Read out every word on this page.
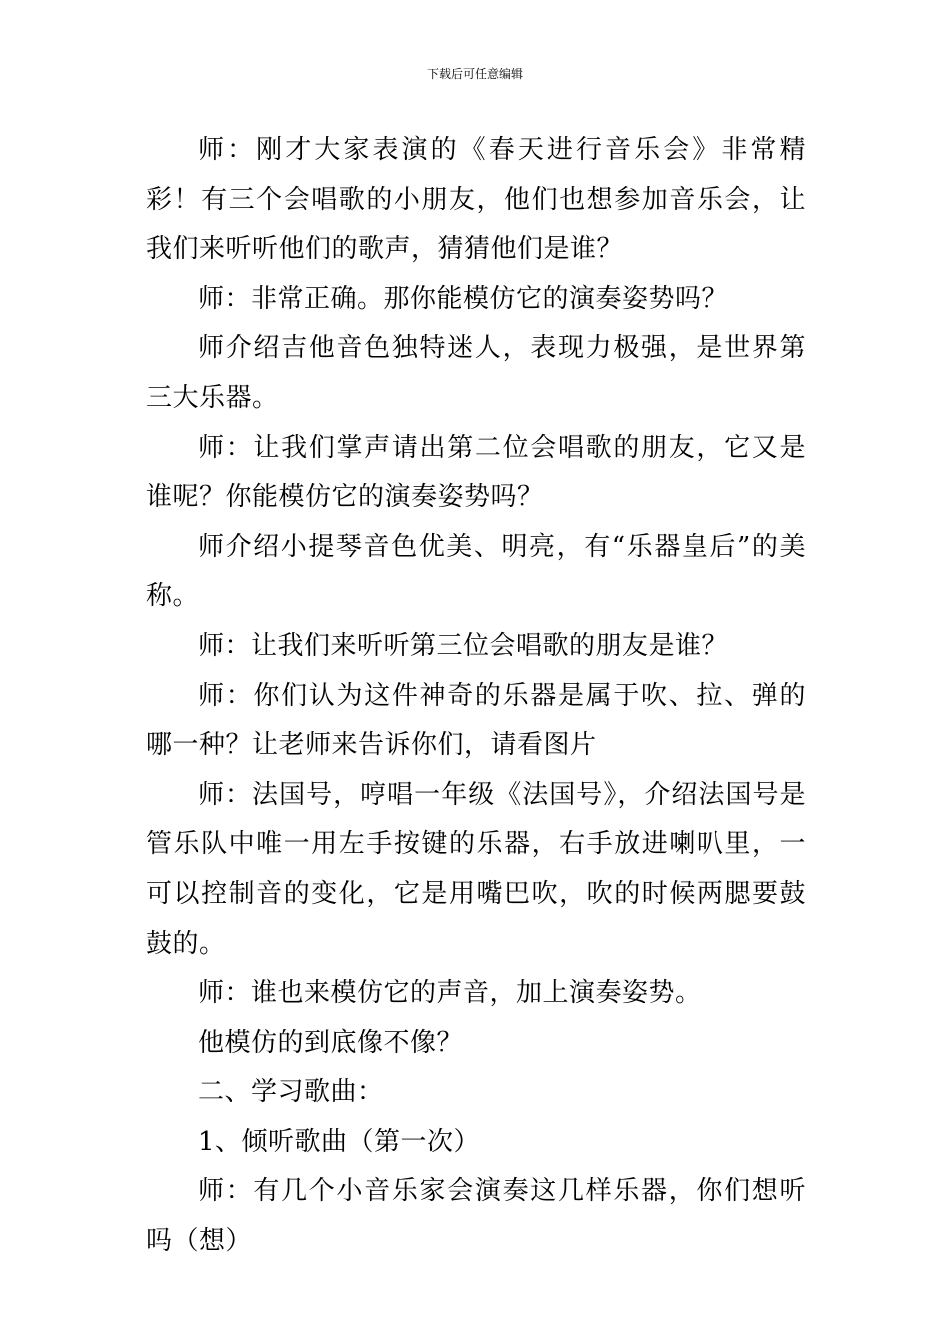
下载后可任意编辑

师：刚才大家表演的《春天进行音乐会》非常精彩！有三个会唱歌的小朋友，他们也想参加音乐会，让我们来听听他们的歌声，猜猜他们是谁？

师：非常正确。那你能模仿它的演奏姿势吗？

师介绍吉他音色独特迷人，表现力极强，是世界第三大乐器。

师：让我们掌声请出第二位会唱歌的朋友，它又是谁呢？你能模仿它的演奏姿势吗？

师介绍小提琴音色优美、明亮，有“乐器皇后”的美称。

师：让我们来听听第三位会唱歌的朋友是谁？

师：你们认为这件神奇的乐器是属于吹、拉、弹的哪一种？让老师来告诉你们，请看图片

师：法国号，哼唱一年级《法国号》，介绍法国号是管乐队中唯一用左手按键的乐器，右手放进喇叭里，一可以控制音的变化，它是用嘴巴吹，吹的时候两腮要鼓鼓的。

师：谁也来模仿它的声音，加上演奏姿势。

他模仿的到底像不像？

二、学习歌曲：

1、倾听歌曲（第一次）

师：有几个小音乐家会演奏这几样乐器，你们想听吗（想）
